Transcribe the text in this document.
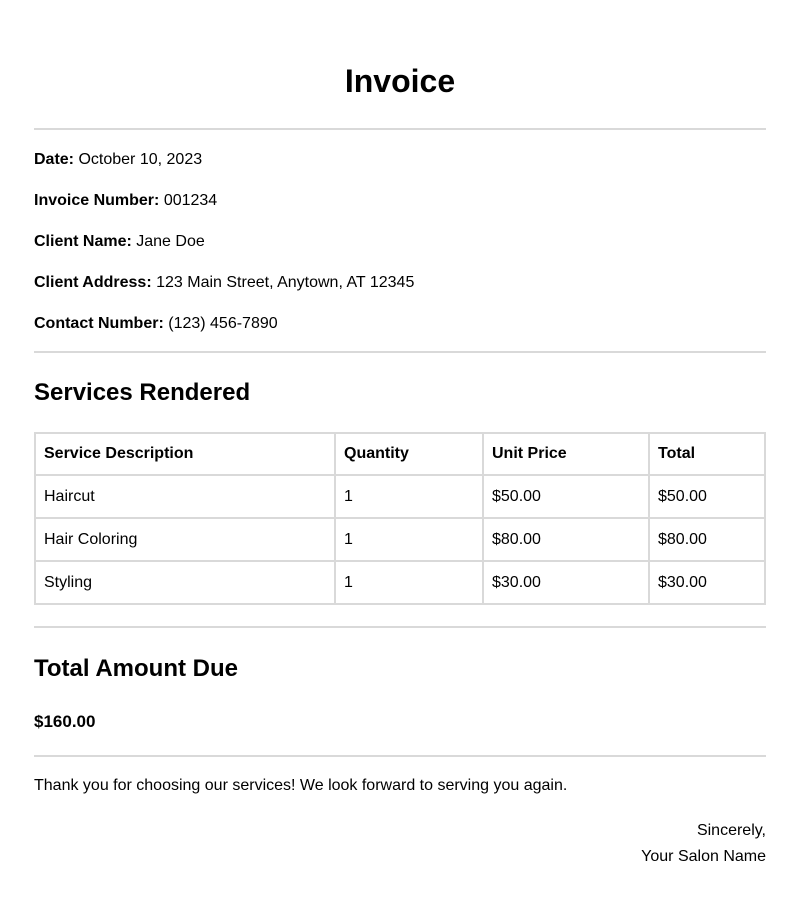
Invoice

Date: October 10, 2023

Invoice Number: 001234

Client Name: Jane Doe

Client Address: 123 Main Street, Anytown, AT 12345

Contact Number: (123) 456-7890

Services Rendered
Service Description	Quantity	Unit Price	Total
Haircut	1	$50.00	$50.00
Hair Coloring	1	$80.00	$80.00
Styling	1	$30.00	$30.00
Total Amount Due

$160.00

Thank you for choosing our services! We look forward to serving you again.

Sincerely,
Your Salon Name
